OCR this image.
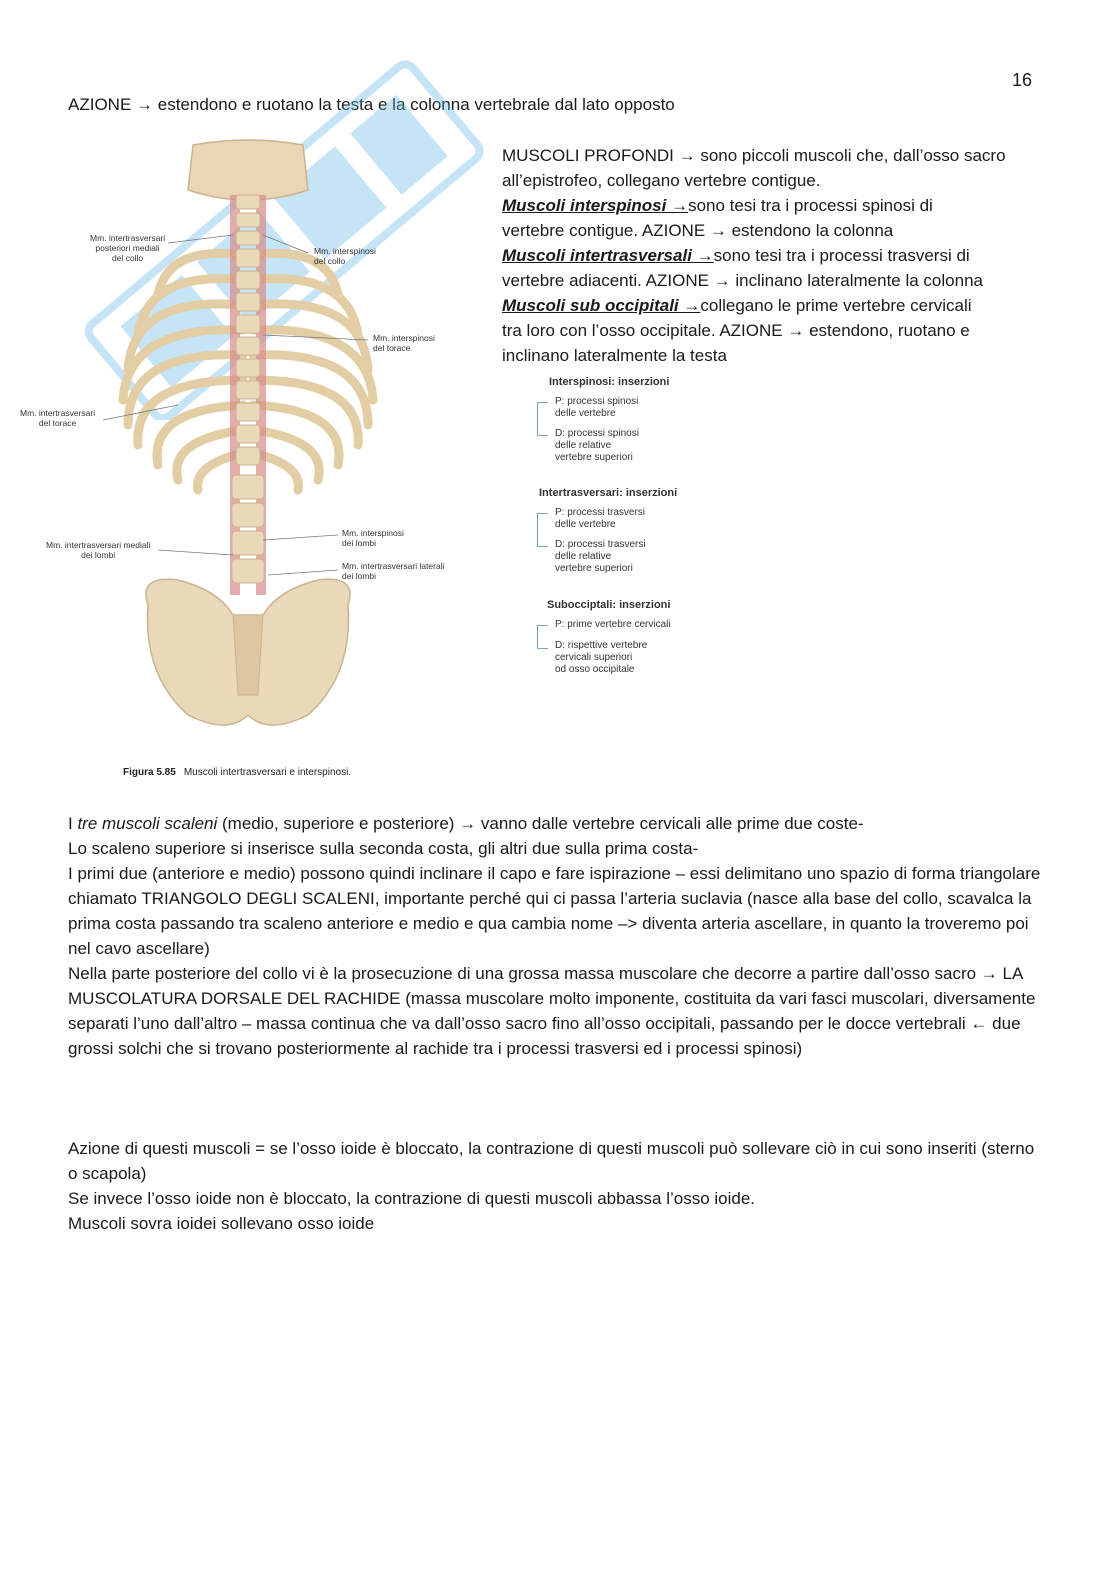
16
AZIONE → estendono e ruotano la testa e la colonna vertebrale dal lato opposto
Mm. intertrasversari
posteriori mediali
del collo
Mm. interspinosi
del collo
Mm. interspinosi
del torace
Mm. intertrasversari
del torace
Mm. interspinosi
dei lombi
Mm. intertrasversari mediali
dei lombi
Mm. intertrasversari laterali
dei lombi
Figura 5.85 Muscoli intertrasversari e interspinosi.
MUSCOLI PROFONDI → sono piccoli muscoli che, dall’osso sacro
all’epistrofeo, collegano vertebre contigue.
Muscoli interspinosi →sono tesi tra i processi spinosi di
vertebre contigue. AZIONE → estendono la colonna
Muscoli intertrasversali →sono tesi tra i processi trasversi di
vertebre adiacenti. AZIONE → inclinano lateralmente la colonna
Muscoli sub occipitali →collegano le prime vertebre cervicali
tra loro con l’osso occipitale. AZIONE → estendono, ruotano e
inclinano lateralmente la testa
Interspinosi: inserzioni
P: processi spinosi
delle vertebre
D: processi spinosi
delle relative
vertebre superiori
Intertrasversari: inserzioni
P: processi trasversi
delle vertebre
D: processi trasversi
delle relative
vertebre superiori
Subocciptali: inserzioni
P: prime vertebre cervicali
D: rispettive vertebre
cervicali superiori
od osso occipitale

I tre muscoli scaleni (medio, superiore e posteriore) → vanno dalle vertebre cervicali alle prime due coste-

Lo scaleno superiore si inserisce sulla seconda costa, gli altri due sulla prima costa-

I primi due (anteriore e medio) possono quindi inclinare il capo e fare ispirazione – essi delimitano uno spazio di forma triangolare chiamato TRIANGOLO DEGLI SCALENI, importante perché qui ci passa l’arteria suclavia (nasce alla base del collo, scavalca la prima costa passando tra scaleno anteriore e medio e qua cambia nome –> diventa arteria ascellare, in quanto la troveremo poi nel cavo ascellare)

Nella parte posteriore del collo vi è la prosecuzione di una grossa massa muscolare che decorre a partire dall’osso sacro → LA MUSCOLATURA DORSALE DEL RACHIDE (massa muscolare molto imponente, costituita da vari fasci muscolari, diversamente separati l’uno dall’altro – massa continua che va dall’osso sacro fino all’osso occipitali, passando per le docce vertebrali ← due grossi solchi che si trovano posteriormente al rachide tra i processi trasversi ed i processi spinosi)

Azione di questi muscoli = se l’osso ioide è bloccato, la contrazione di questi muscoli può sollevare ciò in cui sono inseriti (sterno o scapola)

Se invece l’osso ioide non è bloccato, la contrazione di questi muscoli abbassa l’osso ioide.

Muscoli sovra ioidei sollevano osso ioide
